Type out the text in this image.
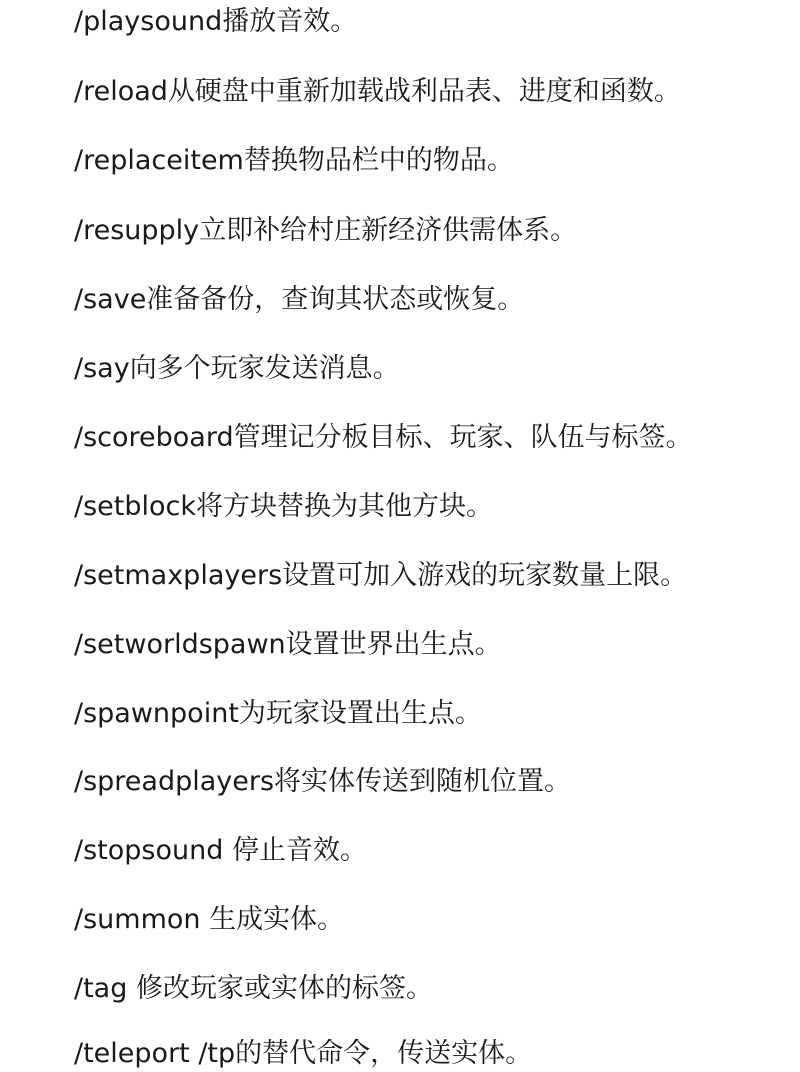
/playsound播放音效。
/reload从硬盘中重新加载战利品表、进度和函数。
/replaceitem替换物品栏中的物品。
/resupply立即补给村庄新经济供需体系。
/save准备备份，查询其状态或恢复。
/say向多个玩家发送消息。
/scoreboard管理记分板目标、玩家、队伍与标签。
/setblock将方块替换为其他方块。
/setmaxplayers设置可加入游戏的玩家数量上限。
/setworldspawn设置世界出生点。
/spawnpoint为玩家设置出生点。
/spreadplayers将实体传送到随机位置。
/stopsound 停止音效。
/summon 生成实体。
/tag 修改玩家或实体的标签。
/teleport /tp的替代命令，传送实体。
